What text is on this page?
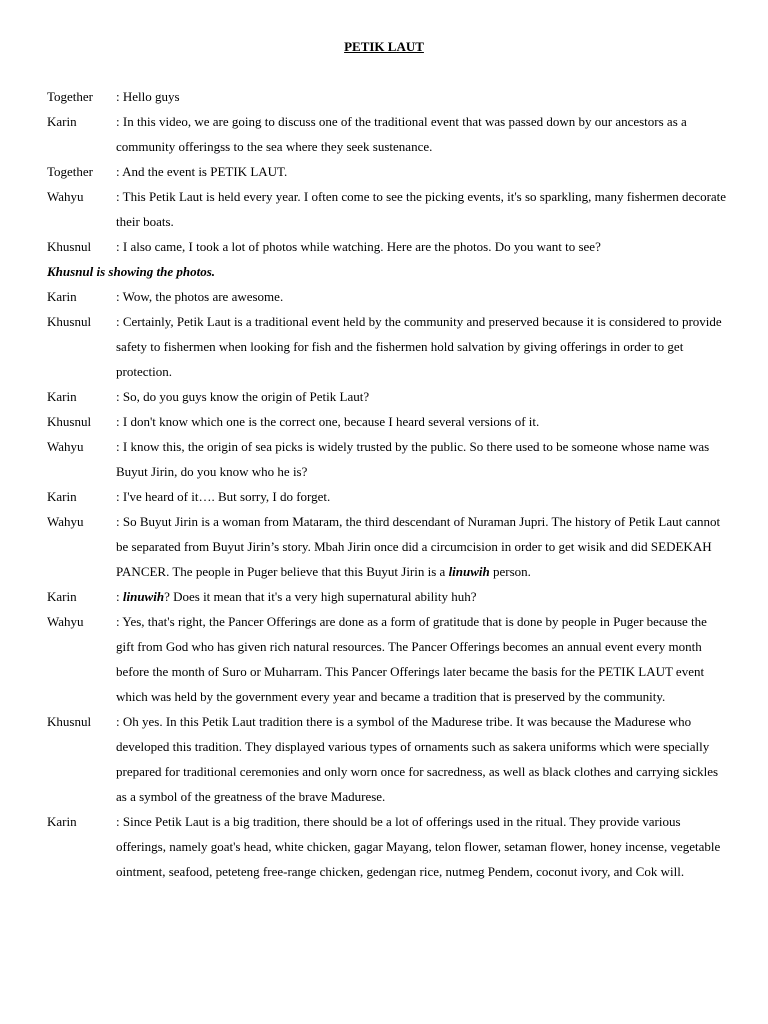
PETIK LAUT
Together	: Hello guys
Karin	: In this video, we are going to discuss one of the traditional event that was passed down by our ancestors as a community offeringss to the sea where they seek sustenance.
Together	: And the event is PETIK LAUT.
Wahyu	: This Petik Laut is held every year. I often come to see the picking events, it's so sparkling, many fishermen decorate their boats.
Khusnul	: I also came, I took a lot of photos while watching. Here are the photos. Do you want to see?
Khusnul is showing the photos.
Karin	: Wow, the photos are awesome.
Khusnul	: Certainly, Petik Laut is a traditional event held by the community and preserved because it is considered to provide safety to fishermen when looking for fish and the fishermen hold salvation by giving offerings in order to get protection.
Karin	: So, do you guys know the origin of Petik Laut?
Khusnul	: I don't know which one is the correct one, because I heard several versions of it.
Wahyu	: I know this, the origin of sea picks is widely trusted by the public. So there used to be someone whose name was Buyut Jirin, do you know who he is?
Karin	: I've heard of it…. But sorry, I do forget.
Wahyu	: So Buyut Jirin is a woman from Mataram, the third descendant of Nuraman Jupri. The history of Petik Laut cannot be separated from Buyut Jirin’s story. Mbah Jirin once did a circumcision in order to get wisik and did SEDEKAH PANCER. The people in Puger believe that this Buyut Jirin is a linuwih person.
Karin	: linuwih? Does it mean that it's a very high supernatural ability huh?
Wahyu	: Yes, that's right, the Pancer Offerings are done as a form of gratitude that is done by people in Puger because the gift from God who has given rich natural resources. The Pancer Offerings becomes an annual event every month before the month of Suro or Muharram. This Pancer Offerings later became the basis for the PETIK LAUT event which was held by the government every year and became a tradition that is preserved by the community.
Khusnul	: Oh yes. In this Petik Laut tradition there is a symbol of the Madurese tribe. It was because the Madurese who developed this tradition. They displayed various types of ornaments such as sakera uniforms which were specially prepared for traditional ceremonies and only worn once for sacredness, as well as black clothes and carrying sickles as a symbol of the greatness of the brave Madurese.
Karin	: Since Petik Laut is a big tradition, there should be a lot of offerings used in the ritual. They provide various offerings, namely goat's head, white chicken, gagar Mayang, telon flower, setaman flower, honey incense, vegetable ointment, seafood, peteteng free-range chicken, gedengan rice, nutmeg Pendem, coconut ivory, and Cok will.
